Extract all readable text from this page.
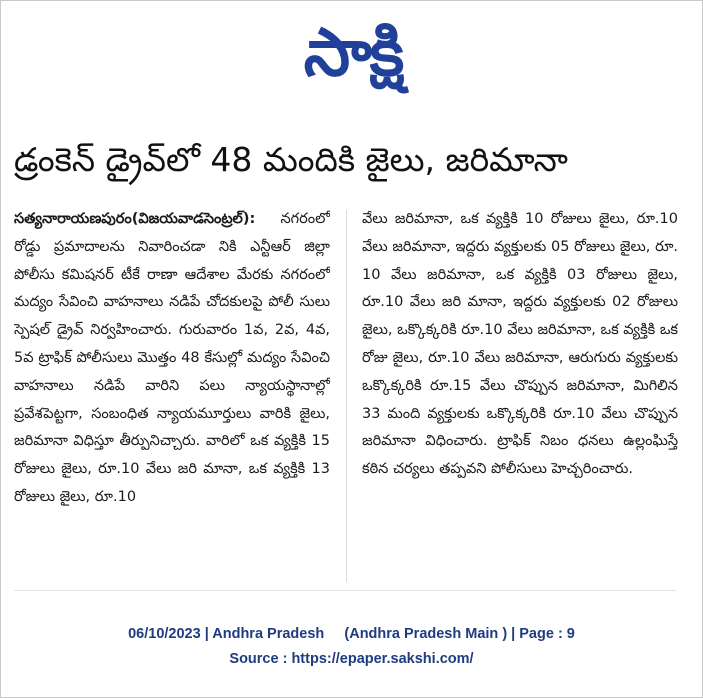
సాక్షి
డ్రంకెన్ డ్రైవ్‌లో 48 మందికి జైలు, జరిమానా
సత్యనారాయణపురం(విజయవాడసెంట్రల్): నగరంలో రోడ్డు ప్రమాదాలను నివారించడా నికి ఎన్టీఆర్ జిల్లా పోలీసు కమిషనర్ టీకే రాణా ఆదేశాల మేరకు నగరంలో మద్యం సేవించి వాహనాలు నడిపే చోదకులపై పోలీ సులు స్పెషల్ డ్రైవ్ నిర్వహించారు. గురువారం 1వ, 2వ, 4వ, 5వ ట్రాఫిక్ పోలీసులు మొత్తం 48 కేసుల్లో మద్యం సేవించి వాహనాలు నడిపే వారిని పలు న్యాయస్థానాల్లో ప్రవేశపెట్టగా, సంబంధిత న్యాయమూర్తులు వారికి జైలు, జరిమానా విధిస్తూ తీర్పునిచ్చారు. వారిలో ఒక వ్యక్తికి 15 రోజులు జైలు, రూ.10 వేలు జరి మానా, ఒక వ్యక్తికి 13 రోజులు జైలు, రూ.10
వేలు జరిమానా, ఒక వ్యక్తికి 10 రోజులు జైలు, రూ.10 వేలు జరిమానా, ఇద్దరు వ్యక్తులకు 05 రోజులు జైలు, రూ. 10 వేలు జరిమానా, ఒక వ్యక్తికి 03 రోజులు జైలు, రూ.10 వేలు జరి మానా, ఇద్దరు వ్యక్తులకు 02 రోజులు జైలు, ఒక్కొక్కరికి రూ.10 వేలు జరిమానా, ఒక వ్యక్తికి ఒక రోజు జైలు, రూ.10 వేలు జరిమానా, ఆరుగురు వ్యక్తులకు ఒక్కొక్కరికి రూ.15 వేలు చొప్పున జరిమానా, మిగిలిన 33 మంది వ్యక్తులకు ఒక్కొక్కరికి రూ.10 వేలు చొప్పున జరిమానా విధించారు. ట్రాఫిక్ నిబం ధనలు ఉల్లంఘిస్తే కఠిన చర్యలు తప్పవని పోలీసులు హెచ్చరించారు.
06/10/2023 | Andhra Pradesh     (Andhra Pradesh Main ) | Page : 9
Source : https://epaper.sakshi.com/
